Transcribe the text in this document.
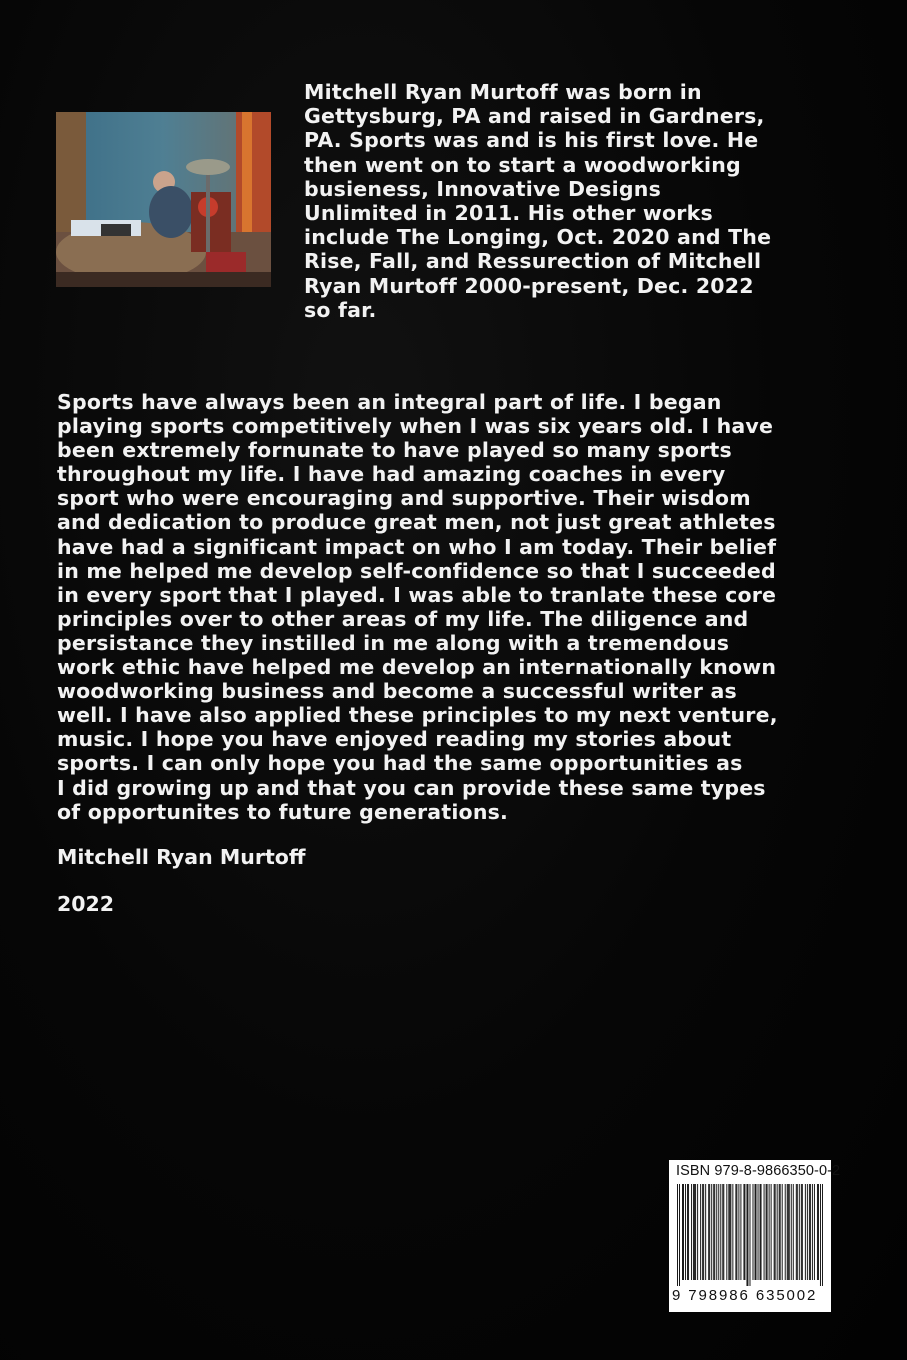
Mitchell Ryan Murtoff was born in
Gettysburg, PA and raised in Gardners,
PA. Sports was and is his first love. He
then went on to start a woodworking
busieness, Innovative Designs
Unlimited in 2011. His other works
include The Longing, Oct. 2020 and The
Rise, Fall, and Ressurection of Mitchell
Ryan Murtoff 2000-present, Dec. 2022
so far.
Sports have always been an integral part of life. I began
playing sports competitively when I was six years old. I have
been extremely fornunate to have played so many sports
throughout my life. I have had amazing coaches in every
sport who were encouraging and supportive. Their wisdom
and dedication to produce great men, not just great athletes
have had a significant impact on who I am today. Their belief
in me helped me develop self-confidence so that I succeeded
in every sport that I played. I was able to tranlate these core
principles over to other areas of my life. The diligence and
persistance they instilled in me along with a tremendous
work ethic have helped me develop an internationally known
woodworking business and become a successful writer as
well. I have also applied these principles to my next venture,
music. I hope you have enjoyed reading my stories about
sports. I can only hope you had the same opportunities as
I did growing up and that you can provide these same types
of opportunites to future generations.
Mitchell Ryan Murtoff
2022
ISBN 979-8-9866350-0-2
9 798986 635002
